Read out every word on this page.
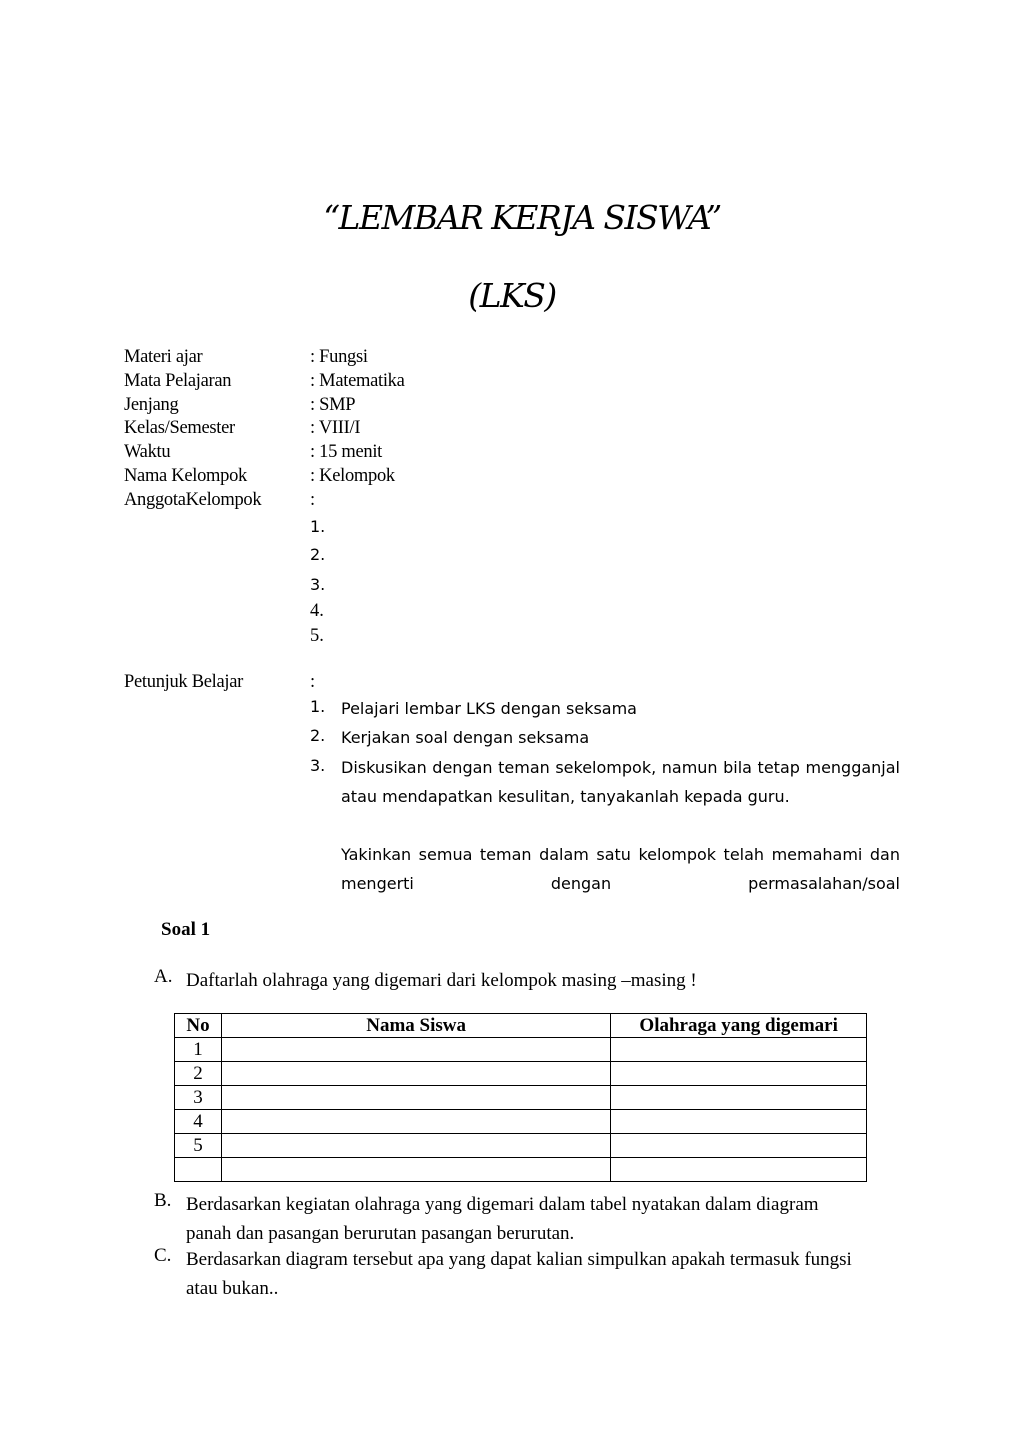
“LEMBAR KERJA SISWA”
(LKS)
Materi ajar	: Fungsi
Mata Pelajaran	: Matematika
Jenjang	: SMP
Kelas/Semester	: VIII/I
Waktu	: 15 menit
Nama Kelompok	: Kelompok
AnggotaKelompok	:
1.
2.
3.
4.
5.
Petunjuk Belajar	:
1. Pelajari lembar LKS dengan seksama
2. Kerjakan soal dengan seksama
3. Diskusikan dengan teman sekelompok, namun bila tetap mengganjal atau mendapatkan kesulitan, tanyakanlah kepada guru.
Yakinkan semua teman dalam satu kelompok telah memahami dan mengerti dengan permasalahan/soal
Soal 1
A. Daftarlah olahraga yang digemari dari kelompok masing –masing !
No	Nama Siswa	Olahraga yang digemari
1		
2		
3		
4		
5		

B. Berdasarkan kegiatan olahraga yang digemari dalam tabel nyatakan dalam diagram panah dan pasangan berurutan pasangan berurutan.
C. Berdasarkan diagram tersebut apa yang dapat kalian simpulkan apakah termasuk fungsi atau bukan..
